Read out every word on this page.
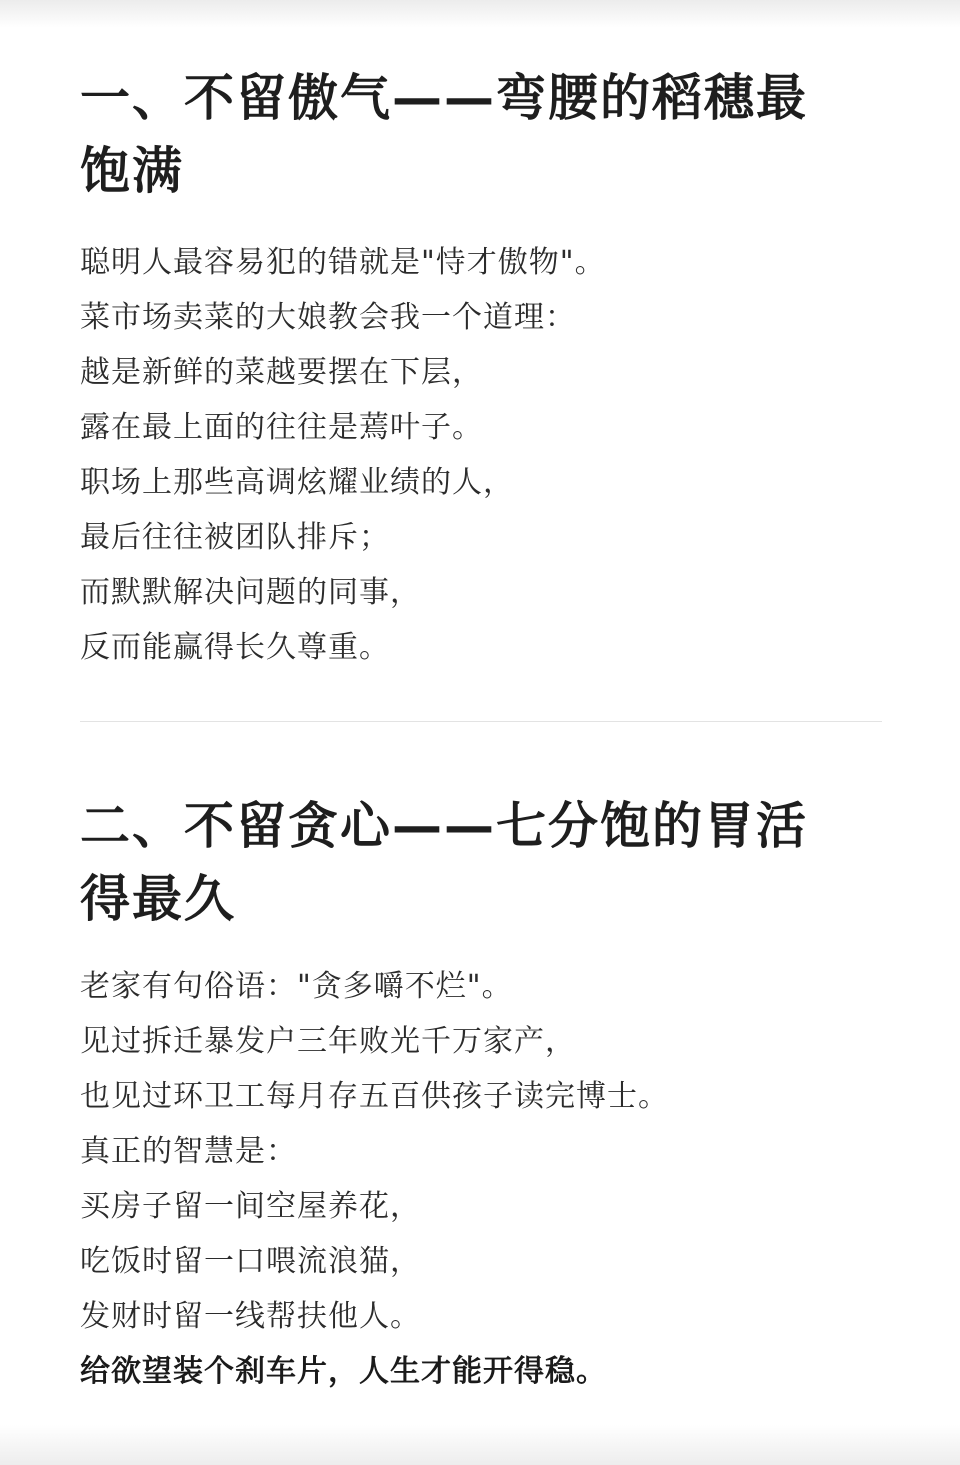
一、不留傲气——弯腰的稻穗最
饱满
聪明人最容易犯的错就是"恃才傲物"。
菜市场卖菜的大娘教会我一个道理：
越是新鲜的菜越要摆在下层，
露在最上面的往往是蔫叶子。
职场上那些高调炫耀业绩的人，
最后往往被团队排斥；
而默默解决问题的同事，
反而能赢得长久尊重。
二、不留贪心——七分饱的胃活
得最久
老家有句俗语："贪多嚼不烂"。
见过拆迁暴发户三年败光千万家产，
也见过环卫工每月存五百供孩子读完博士。
真正的智慧是：
买房子留一间空屋养花，
吃饭时留一口喂流浪猫，
发财时留一线帮扶他人。
给欲望装个刹车片，人生才能开得稳。
